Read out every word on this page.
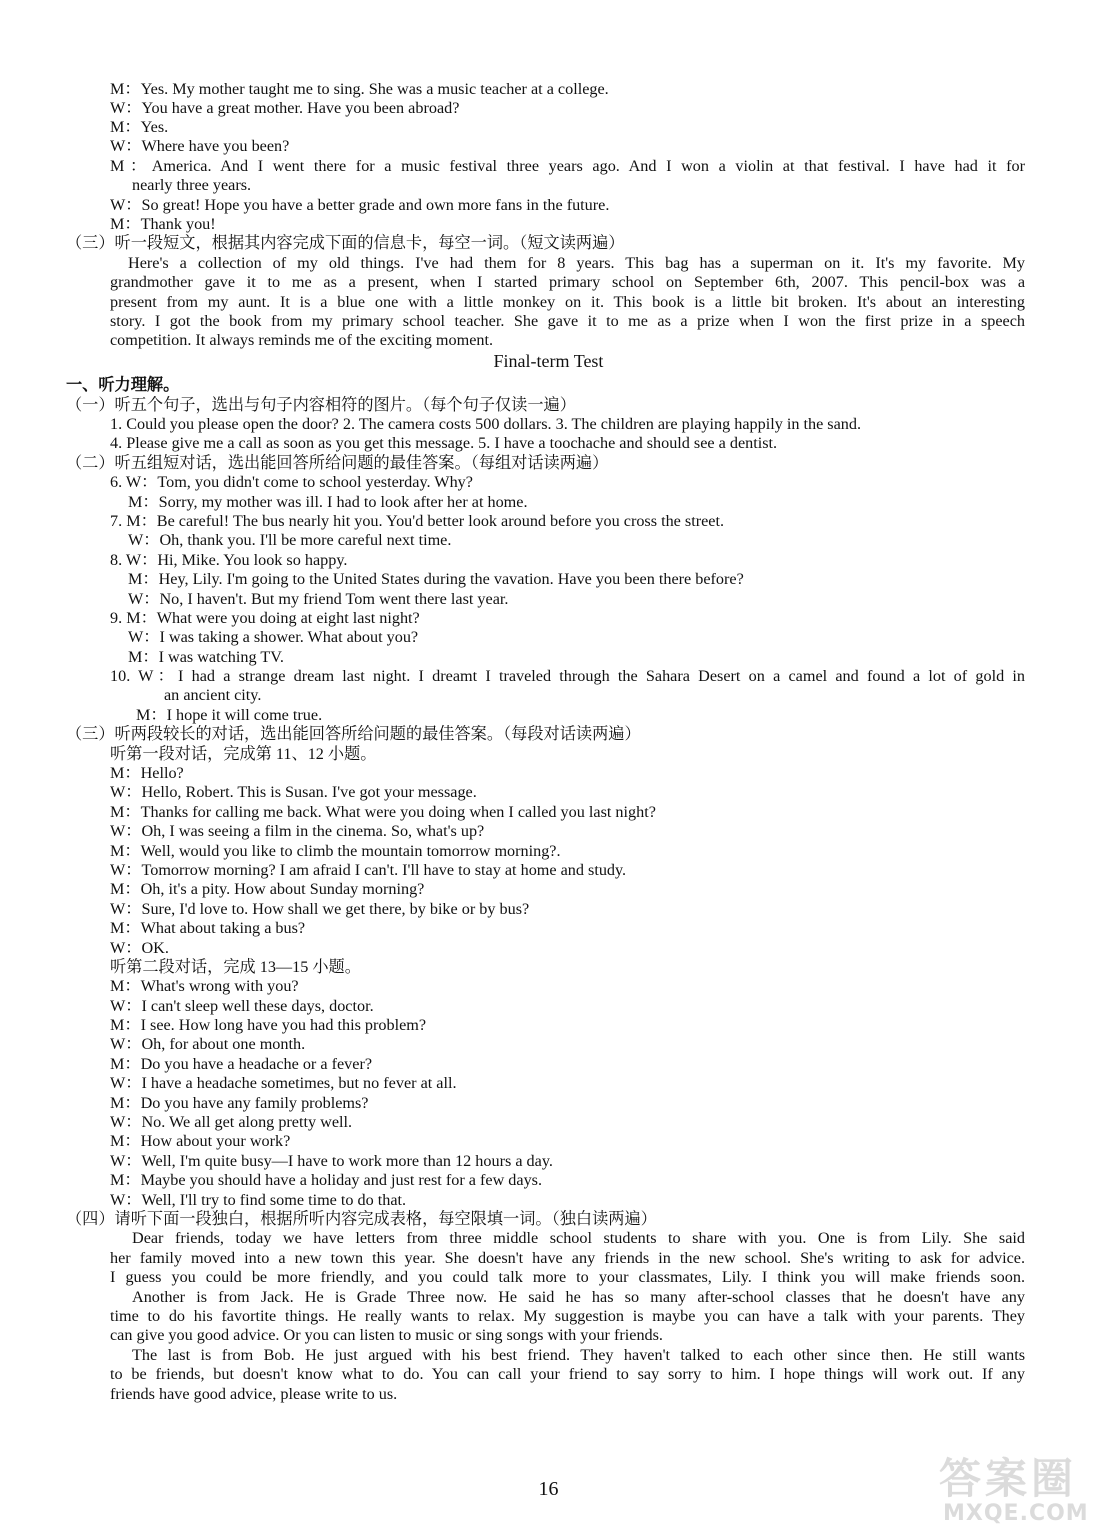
M：Yes. My mother taught me to sing. She was a music teacher at a college.
W：You have a great mother. Have you been abroad?
M：Yes.
W：Where have you been?
M：America. And I went there for a music festival three years ago. And I won a violin at that festival. I have had it for
nearly three years.
W：So great! Hope you have a better grade and own more fans in the future.
M：Thank you!
（三）听一段短文，根据其内容完成下面的信息卡，每空一词。（短文读两遍）
Here's a collection of my old things. I've had them for 8 years. This bag has a superman on it. It's my favorite. My
grandmother gave it to me as a present, when I started primary school on September 6th, 2007. This pencil-box was a
present from my aunt. It is a blue one with a little monkey on it. This book is a little bit broken. It's about an interesting
story. I got the book from my primary school teacher. She gave it to me as a prize when I won the first prize in a speech
competition. It always reminds me of the exciting moment.
Final-term Test
一、听力理解。
（一）听五个句子，选出与句子内容相符的图片。（每个句子仅读一遍）
1. Could you please open the door? 2. The camera costs 500 dollars. 3. The children are playing happily in the sand.
4. Please give me a call as soon as you get this message. 5. I have a toochache and should see a dentist.
（二）听五组短对话，选出能回答所给问题的最佳答案。（每组对话读两遍）
6. W：Tom, you didn't come to school yesterday. Why?
M：Sorry, my mother was ill. I had to look after her at home.
7. M：Be careful! The bus nearly hit you. You'd better look around before you cross the street.
W：Oh, thank you. I'll be more careful next time.
8. W：Hi, Mike. You look so happy.
M：Hey, Lily. I'm going to the United States during the vavation. Have you been there before?
W：No, I haven't. But my friend Tom went there last year.
9. M：What were you doing at eight last night?
W：I was taking a shower. What about you?
M：I was watching TV.
10. W：I had a strange dream last night. I dreamt I traveled through the Sahara Desert on a camel and found a lot of gold in
an ancient city.
M：I hope it will come true.
（三）听两段较长的对话，选出能回答所给问题的最佳答案。（每段对话读两遍）
听第一段对话，完成第 11、12 小题。
M：Hello?
W：Hello, Robert. This is Susan. I've got your message.
M：Thanks for calling me back. What were you doing when I called you last night?
W：Oh, I was seeing a film in the cinema. So, what's up?
M：Well, would you like to climb the mountain tomorrow morning?.
W：Tomorrow morning? I am afraid I can't. I'll have to stay at home and study.
M：Oh, it's a pity. How about Sunday morning?
W：Sure, I'd love to. How shall we get there, by bike or by bus?
M：What about taking a bus?
W：OK.
听第二段对话，完成 13—15 小题。
M：What's wrong with you?
W：I can't sleep well these days, doctor.
M：I see. How long have you had this problem?
W：Oh, for about one month.
M：Do you have a headache or a fever?
W：I have a headache sometimes, but no fever at all.
M：Do you have any family problems?
W：No. We all get along pretty well.
M：How about your work?
W：Well, I'm quite busy—I have to work more than 12 hours a day.
M：Maybe you should have a holiday and just rest for a few days.
W：Well, I'll try to find some time to do that.
（四）请听下面一段独白，根据所听内容完成表格，每空限填一词。（独白读两遍）
Dear friends, today we have letters from three middle school students to share with you. One is from Lily. She said
her family moved into a new town this year. She doesn't have any friends in the new school. She's writing to ask for advice.
I guess you could be more friendly, and you could talk more to your classmates, Lily. I think you will make friends soon.
Another is from Jack. He is Grade Three now. He said he has so many after-school classes that he doesn't have any
time to do his favortite things. He really wants to relax. My suggestion is maybe you can have a talk with your parents. They
can give you good advice. Or you can listen to music or sing songs with your friends.
The last is from Bob. He just argued with his best friend. They haven't talked to each other since then. He still wants
to be friends, but doesn't know what to do. You can call your friend to say sorry to him. I hope things will work out. If any
friends have good advice, please write to us.
16	答 案 圈
MXQE.COM
